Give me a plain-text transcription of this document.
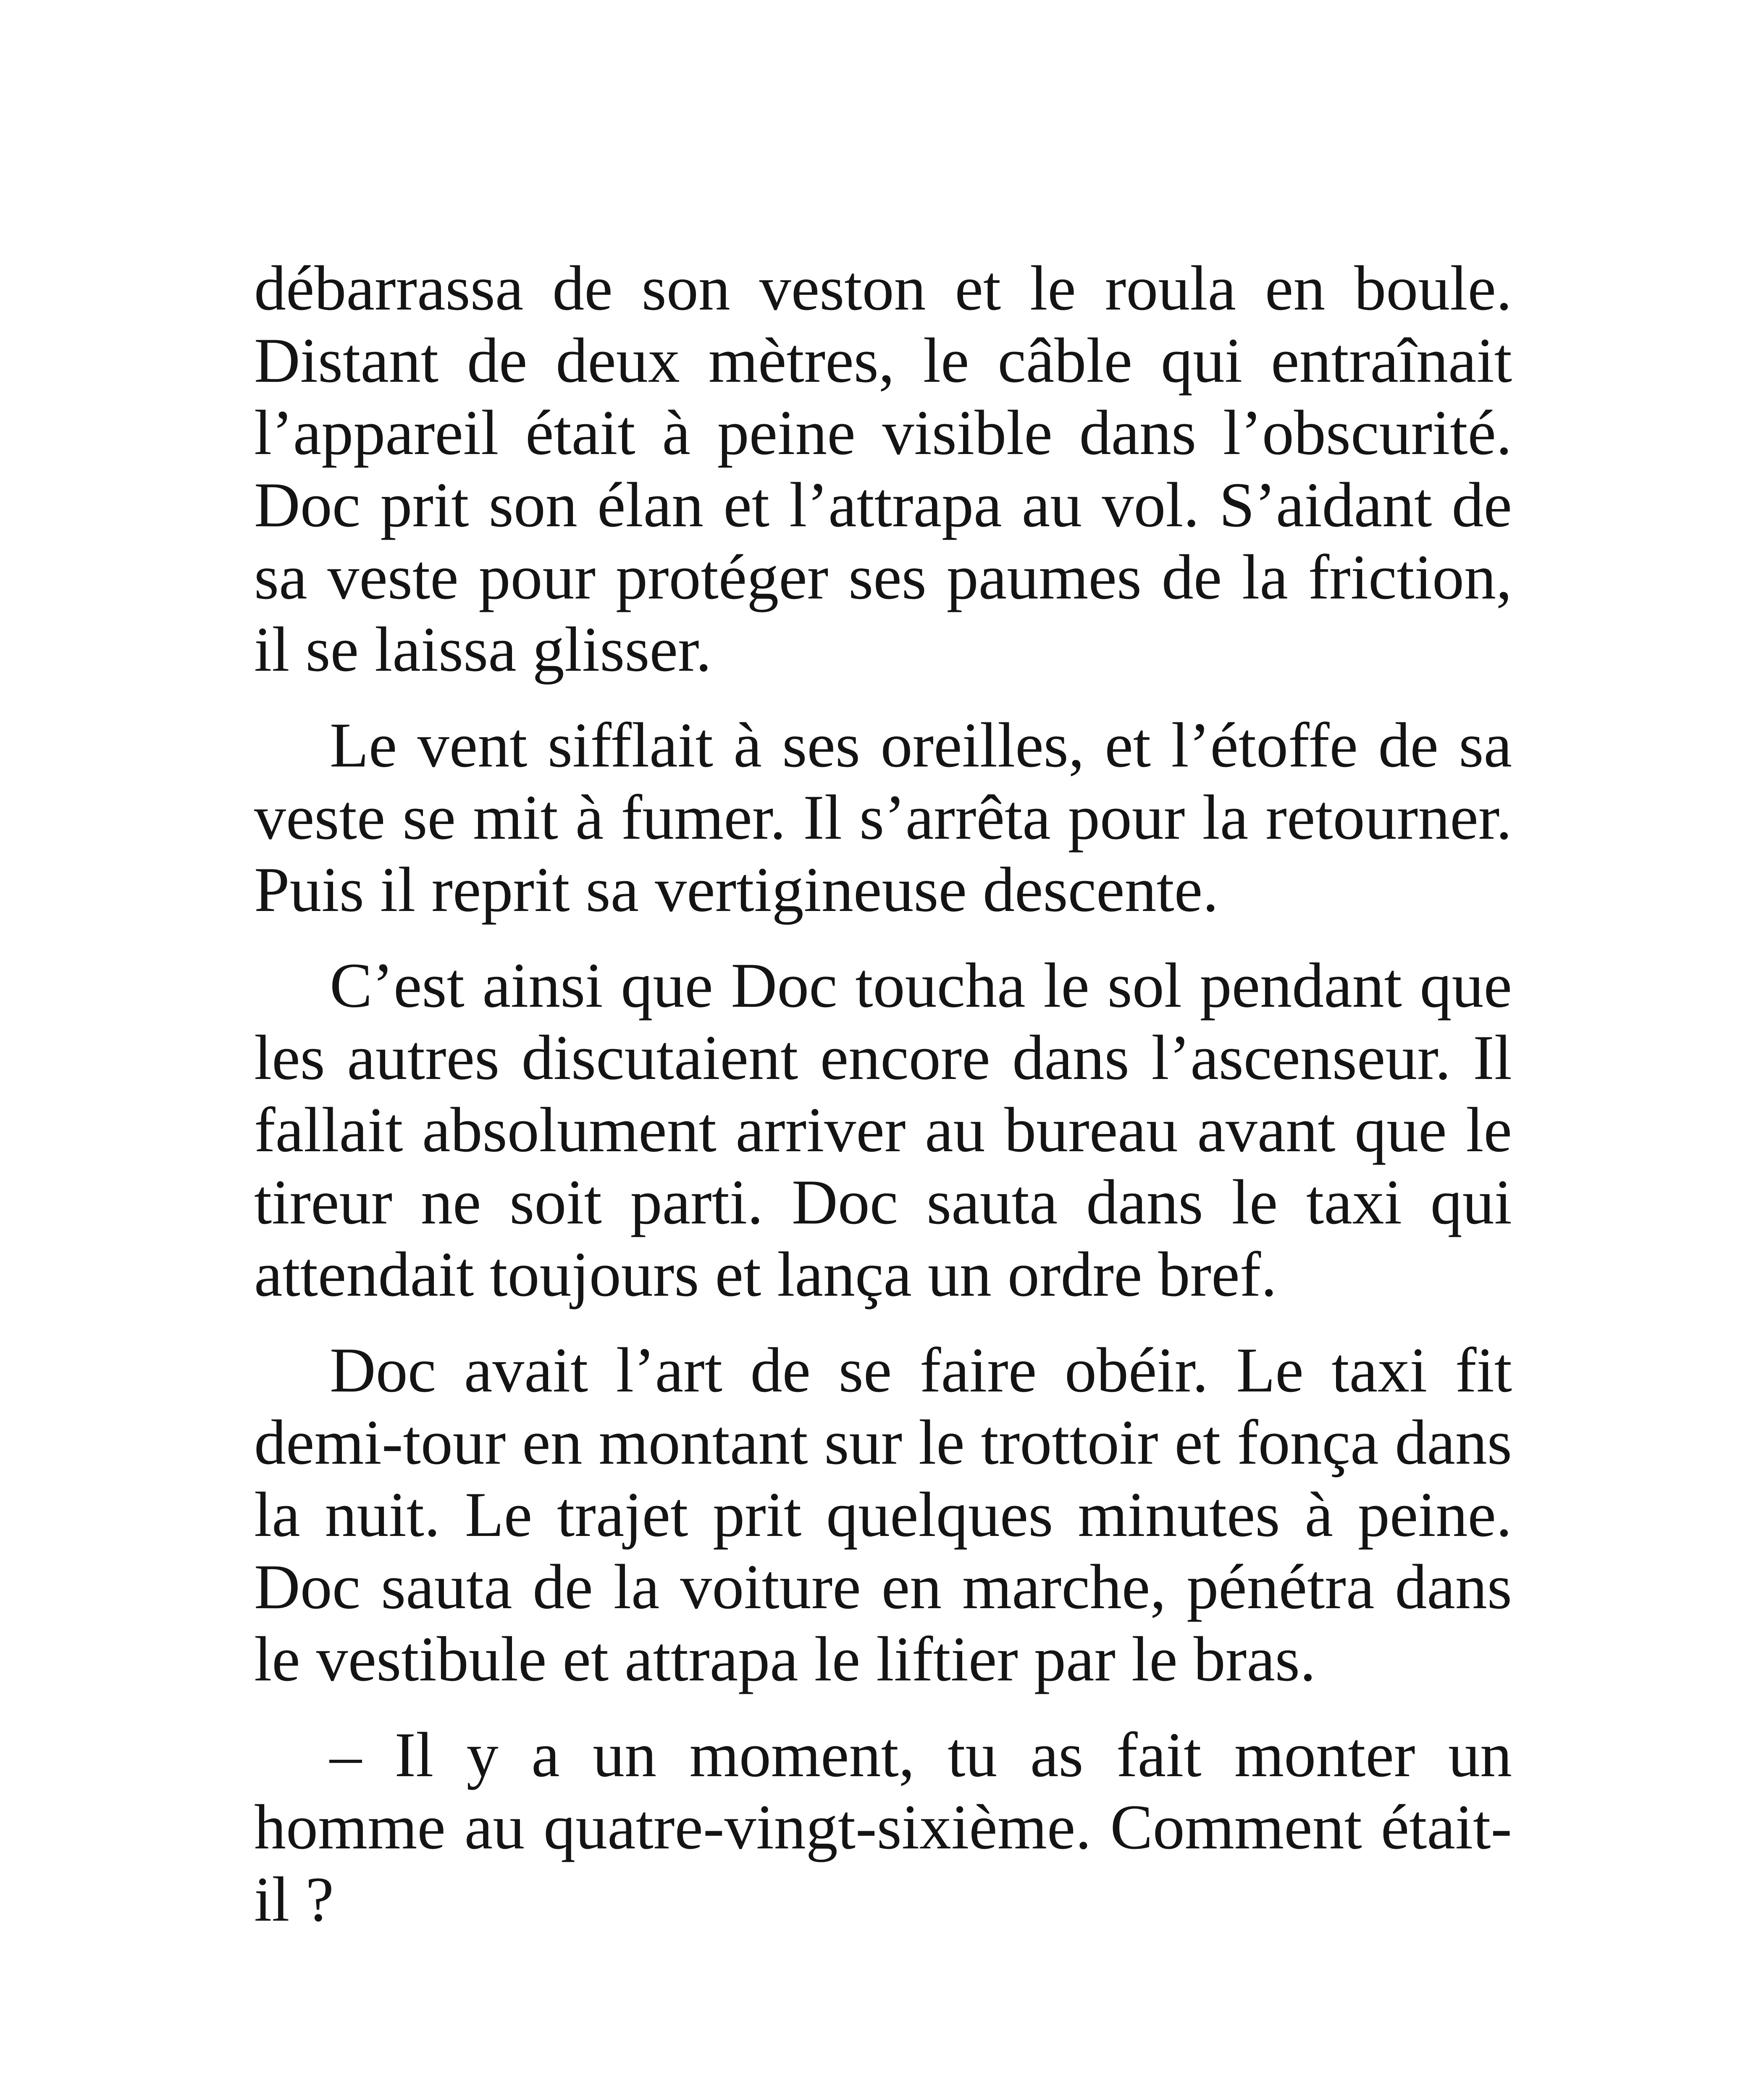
débarrassa de son veston et le roula en boule. Distant de deux mètres, le câble qui entraînait l’appareil était à peine visible dans l’obscurité. Doc prit son élan et l’attrapa au vol. S’aidant de sa veste pour protéger ses paumes de la friction, il se laissa glisser.

Le vent sifflait à ses oreilles, et l’étoffe de sa veste se mit à fumer. Il s’arrêta pour la retourner. Puis il reprit sa vertigineuse descente.

C’est ainsi que Doc toucha le sol pendant que les autres discutaient encore dans l’ascenseur. Il fallait absolument arriver au bureau avant que le tireur ne soit parti. Doc sauta dans le taxi qui attendait toujours et lança un ordre bref.

Doc avait l’art de se faire obéir. Le taxi fit demi-tour en montant sur le trottoir et fonça dans la nuit. Le trajet prit quelques minutes à peine. Doc sauta de la voiture en marche, pénétra dans le vestibule et attrapa le liftier par le bras.

– Il y a un moment, tu as fait monter un homme au quatre-vingt-sixième. Comment était-il ?
